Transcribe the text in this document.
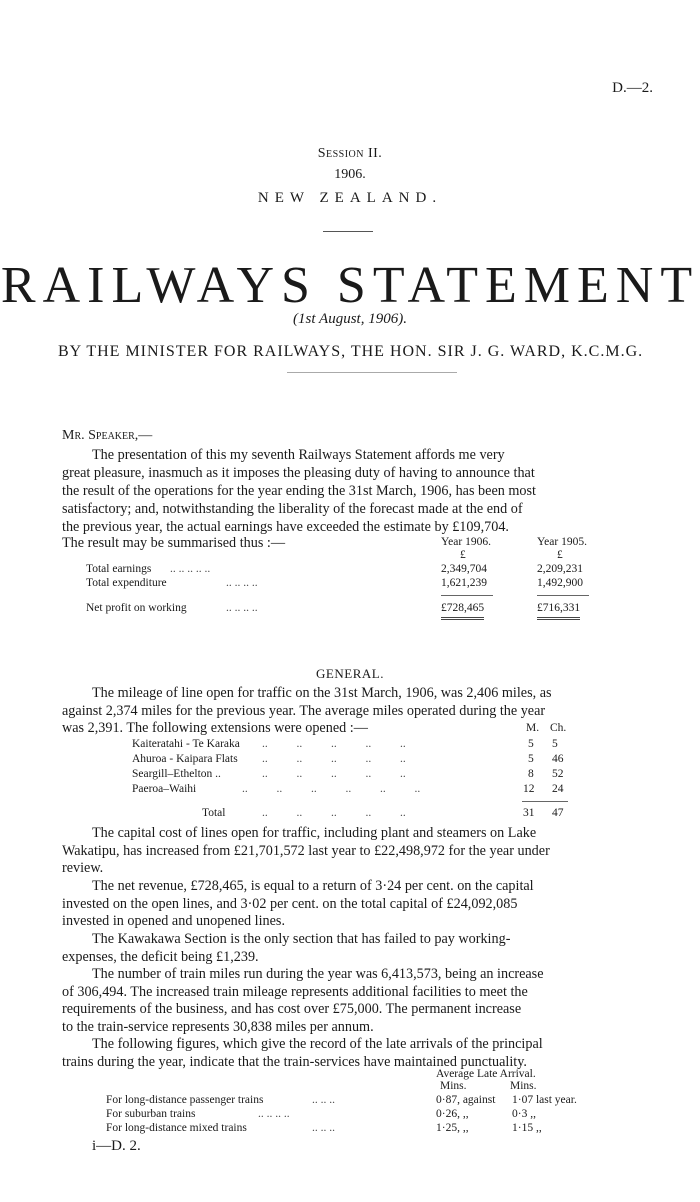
D.—2.
Session II.
1906.
NEW ZEALAND.
RAILWAYS STATEMENT
(1st August, 1906).
BY THE MINISTER FOR RAILWAYS, THE HON. SIR J. G. WARD, K.C.M.G.
Mr. Speaker,—
The presentation of this my seventh Railways Statement affords me very
great pleasure, inasmuch as it imposes the pleasing duty of having to announce that
the result of the operations for the year ending the 31st March, 1906, has been most
satisfactory; and, notwithstanding the liberality of the forecast made at the end of
the previous year, the actual earnings have exceeded the estimate by £109,704.
The result may be summarised thus :—	Year 1906.	Year 1905.
£	£
Total earnings .. .. .. .. ..	2,349,704	2,209,231
Total expenditure	.. .. .. ..	1,621,239	1,492,900
Net profit on working	.. .. .. ..	£728,465	£716,331
GENERAL.
The mileage of line open for traffic on the 31st March, 1906, was 2,406 miles, as
against 2,374 miles for the previous year. The average miles operated during the year
was 2,391. The following extensions were opened :—	M. Ch.
Kaiteratahi - Te Karaka ..          ..          ..          ..          ..	5 5
Ahuroa - Kaipara Flats ..          ..          ..          ..          ..	5 46
Seargill–Ethelton ..	..          ..          ..          ..          ..	8 52
Paeroa–Waihi	..          ..          ..          ..          ..          ..	12 24
Total	..          ..          ..          ..          ..	31 47
The capital cost of lines open for traffic, including plant and steamers on Lake
Wakatipu, has increased from £21,701,572 last year to £22,498,972 for the year under
review.
The net revenue, £728,465, is equal to a return of 3·24 per cent. on the capital
invested on the open lines, and 3·02 per cent. on the total capital of £24,092,085
invested in opened and unopened lines.
The Kawakawa Section is the only section that has failed to pay working-
expenses, the deficit being £1,239.
The number of train miles run during the year was 6,413,573, being an increase
of 306,494. The increased train mileage represents additional facilities to meet the
requirements of the business, and has cost over £75,000. The permanent increase
to the train-service represents 30,838 miles per annum.
The following figures, which give the record of the late arrivals of the principal
trains during the year, indicate that the train-services have maintained punctuality.
Average Late Arrival.
Mins.	Mins.
For long-distance passenger trains	.. .. ..	0·87, against 1·07 last year.
For suburban trains	.. .. .. ..	0·26, ,,	0·3 ,,
For long-distance mixed trains	.. .. ..	1·25, ,,	1·15 ,,
i—D. 2.
